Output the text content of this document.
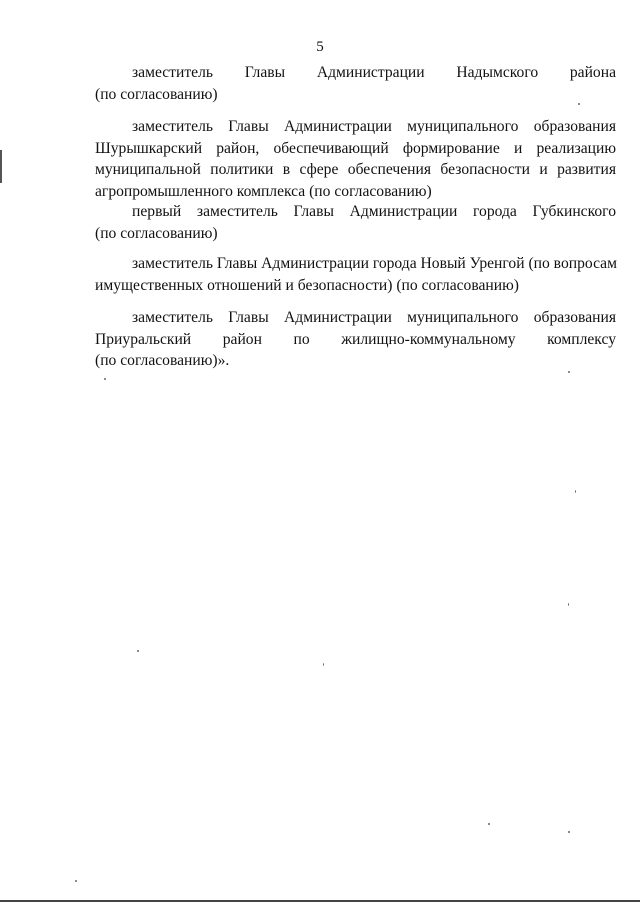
5
заместитель Главы Администрации Надымского района
(по согласованию)
заместитель Главы Администрации муниципального образования
Шурышкарский район, обеспечивающий формирование и реализацию
муниципальной политики в сфере обеспечения безопасности и развития
агропромышленного комплекса (по согласованию)
первый заместитель Главы Администрации города Губкинского
(по согласованию)
заместитель Главы Администрации города Новый Уренгой (по вопросам
имущественных отношений и безопасности) (по согласованию)
заместитель Главы Администрации муниципального образования
Приуральский район по жилищно-коммунальному комплексу
(по согласованию)».
